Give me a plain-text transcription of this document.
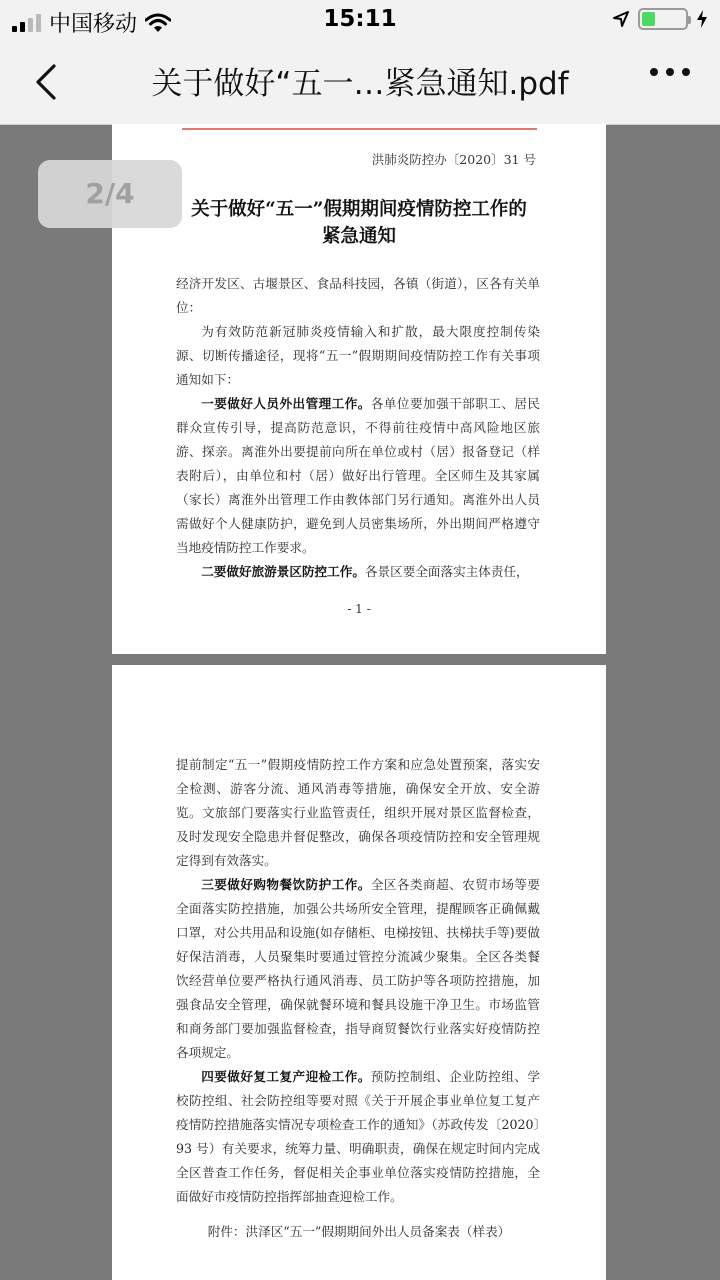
中国移动	15:11
关于做好“五一…紧急通知.pdf
洪肺炎防控办〔2020〕31 号
关于做好“五一”假期期间疫情防控工作的
紧急通知

经济开发区、古堰景区、食品科技园，各镇（街道），区各有关单位：

为有效防范新冠肺炎疫情输入和扩散，最大限度控制传染源、切断传播途径，现将“五一”假期期间疫情防控工作有关事项通知如下：

一要做好人员外出管理工作。各单位要加强干部职工、居民群众宣传引导，提高防范意识，不得前往疫情中高风险地区旅游、探亲。离淮外出要提前向所在单位或村（居）报备登记（样表附后），由单位和村（居）做好出行管理。全区师生及其家属（家长）离淮外出管理工作由教体部门另行通知。离淮外出人员需做好个人健康防护，避免到人员密集场所，外出期间严格遵守当地疫情防控工作要求。

二要做好旅游景区防控工作。各景区要全面落实主体责任，

- 1 -

提前制定“五一”假期疫情防控工作方案和应急处置预案，落实安全检测、游客分流、通风消毒等措施，确保安全开放、安全游览。文旅部门要落实行业监管责任，组织开展对景区监督检查，及时发现安全隐患并督促整改，确保各项疫情防控和安全管理规定得到有效落实。

三要做好购物餐饮防护工作。全区各类商超、农贸市场等要全面落实防控措施，加强公共场所安全管理，提醒顾客正确佩戴口罩，对公共用品和设施(如存储柜、电梯按钮、扶梯扶手等)要做好保洁消毒，人员聚集时要通过管控分流减少聚集。全区各类餐饮经营单位要严格执行通风消毒、员工防护等各项防控措施，加强食品安全管理，确保就餐环境和餐具设施干净卫生。市场监管和商务部门要加强监督检查，指导商贸餐饮行业落实好疫情防控各项规定。

四要做好复工复产迎检工作。预防控制组、企业防控组、学校防控组、社会防控组等要对照《关于开展企事业单位复工复产疫情防控措施落实情况专项检查工作的通知》（苏政传发〔2020〕93 号）有关要求，统筹力量、明确职责，确保在规定时间内完成全区普查工作任务，督促相关企事业单位落实疫情防控措施，全面做好市疫情防控指挥部抽查迎检工作。

附件：洪泽区“五一”假期期间外出人员备案表（样表）
2/4
